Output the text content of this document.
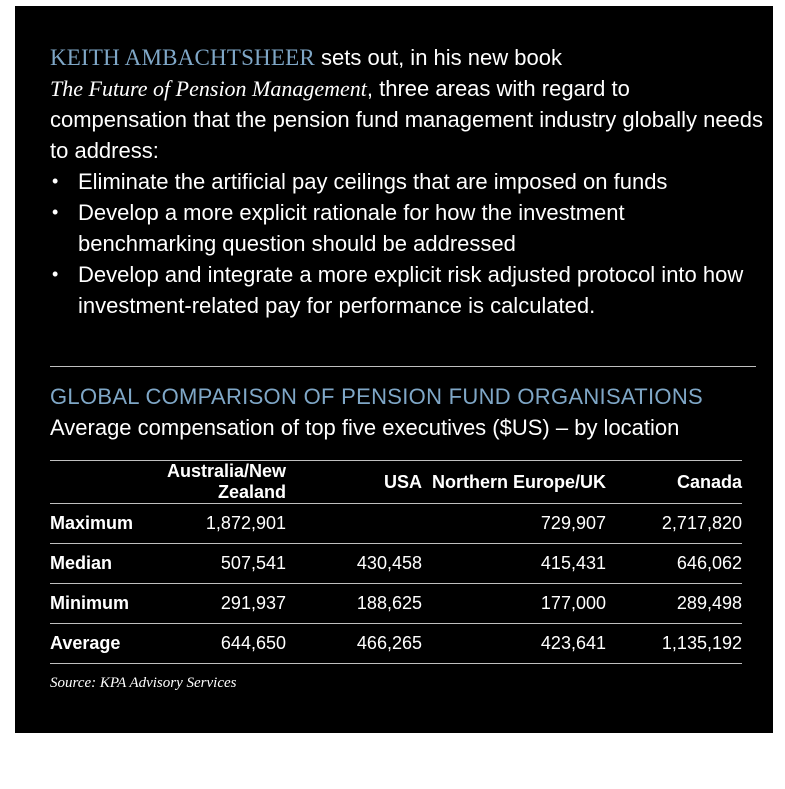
KEITH AMBACHTSHEER sets out, in his new book
The Future of Pension Management, three areas with regard to compensation that the pension fund management industry globally needs to address:
• Eliminate the artificial pay ceilings that are imposed on funds
• Develop a more explicit rationale for how the investment benchmarking question should be addressed
• Develop and integrate a more explicit risk adjusted protocol into how investment-related pay for performance is calculated.
GLOBAL COMPARISON OF PENSION FUND ORGANISATIONS
Average compensation of top five executives ($US) – by location
	Australia/New Zealand	USA	Northern Europe/UK	Canada
Maximum	1,872,901		729,907	2,717,820
Median	507,541	430,458	415,431	646,062
Minimum	291,937	188,625	177,000	289,498
Average	644,650	466,265	423,641	1,135,192
Source: KPA Advisory Services
